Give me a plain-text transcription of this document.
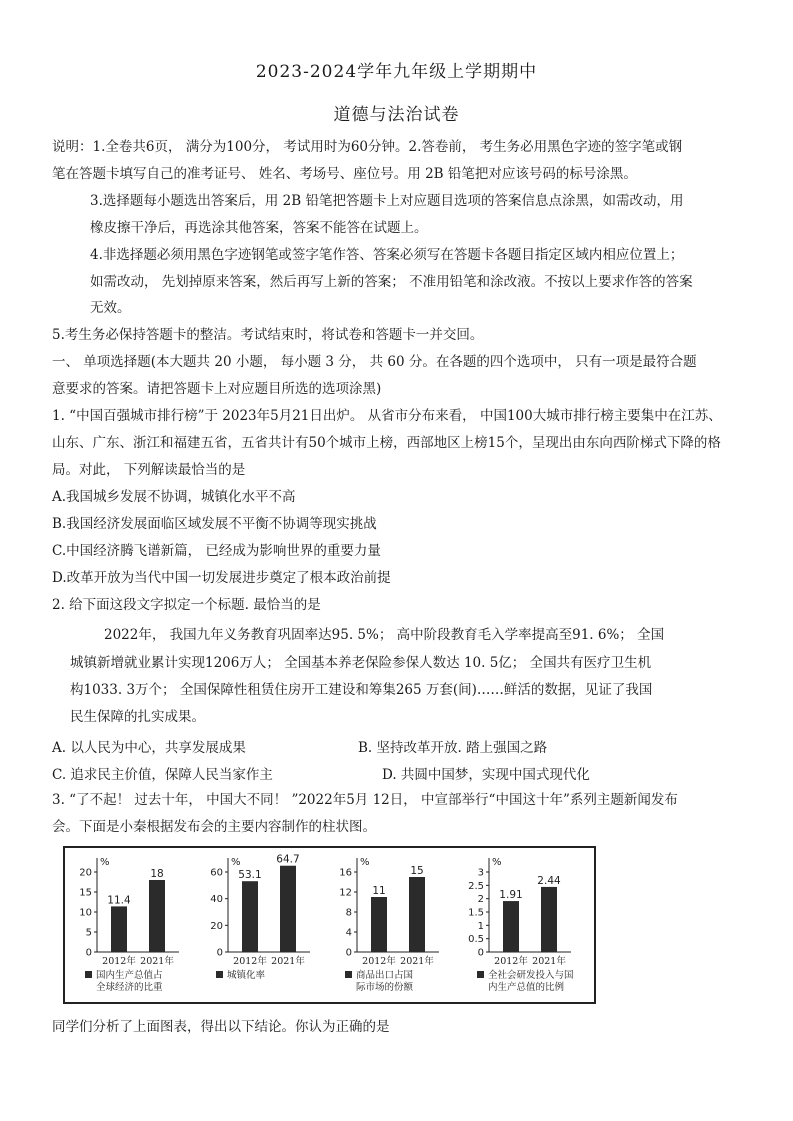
2023-2024学年九年级上学期期中
道德与法治试卷
说明：1.全卷共6页， 满分为100分， 考试用时为60分钟。2.答卷前， 考生务必用黑色字迹的签字笔或钢
笔在答题卡填写自己的准考证号、 姓名、考场号、座位号。用 2B 铅笔把对应该号码的标号涂黑。
3.选择题每小题选出答案后，用 2B 铅笔把答题卡上对应题目选项的答案信息点涂黑，如需改动，用
橡皮擦干净后，再选涂其他答案，答案不能答在试题上。
4.非选择题必须用黑色字迹钢笔或签字笔作答、答案必须写在答题卡各题目指定区域内相应位置上；
如需改动， 先划掉原来答案，然后再写上新的答案； 不准用铅笔和涂改液。不按以上要求作答的答案
无效。
5.考生务必保持答题卡的整洁。考试结束时，将试卷和答题卡一并交回。
一、 单项选择题(本大题共 20 小题， 每小题 3 分， 共 60 分。在各题的四个选项中， 只有一项是最符合题
意要求的答案。请把答题卡上对应题目所选的选项涂黑)
1. “中国百强城市排行榜”于 2023年5月21日出炉。 从省市分布来看， 中国100大城市排行榜主要集中在江苏、
山东、广东、浙江和福建五省，五省共计有50个城市上榜，西部地区上榜15个，呈现出由东向西阶梯式下降的格
局。对此， 下列解读最恰当的是
A.我国城乡发展不协调，城镇化水平不高
B.我国经济发展面临区域发展不平衡不协调等现实挑战
C.中国经济腾飞谱新篇， 已经成为影响世界的重要力量
D.改革开放为当代中国一切发展进步奠定了根本政治前提
2. 给下面这段文字拟定一个标题. 最恰当的是
2022年， 我国九年义务教育巩固率达95. 5%； 高中阶段教育毛入学率提高至91. 6%； 全国
城镇新增就业累计实现1206万人； 全国基本养老保险参保人数达 10. 5亿； 全国共有医疗卫生机
构1033. 3万个； 全国保障性租赁住房开工建设和筹集265 万套(间)……鲜活的数据，见证了我国
民生保障的扎实成果。
A. 以人民为中心，共享发展成果	B. 坚持改革开放. 踏上强国之路
C. 追求民主价值，保障人民当家作主	D. 共圆中国梦，实现中国式现代化
3. “了不起！ 过去十年， 中国大不同！ ”2022年5月 12日， 中宣部举行“中国这十年”系列主题新闻发布
会。下面是小秦根据发布会的主要内容制作的柱状图。
%
0
5
10
15
20
11.4
2012年
18
2021年
国内生产总值占
全球经济的比重
%
0
20
40
60 53.1
2012年
64.7
2021年
城镇化率
%
0
4
8
12
16
11
2012年
15
2021年
商品出口占国
际市场的份额
%
0
0.5
1
1.5
2
2.5
3
1.91
2012年
2.44
2021年
全社会研发投入与国
内生产总值的比例
同学们分析了上面图表，得出以下结论。你认为正确的是
